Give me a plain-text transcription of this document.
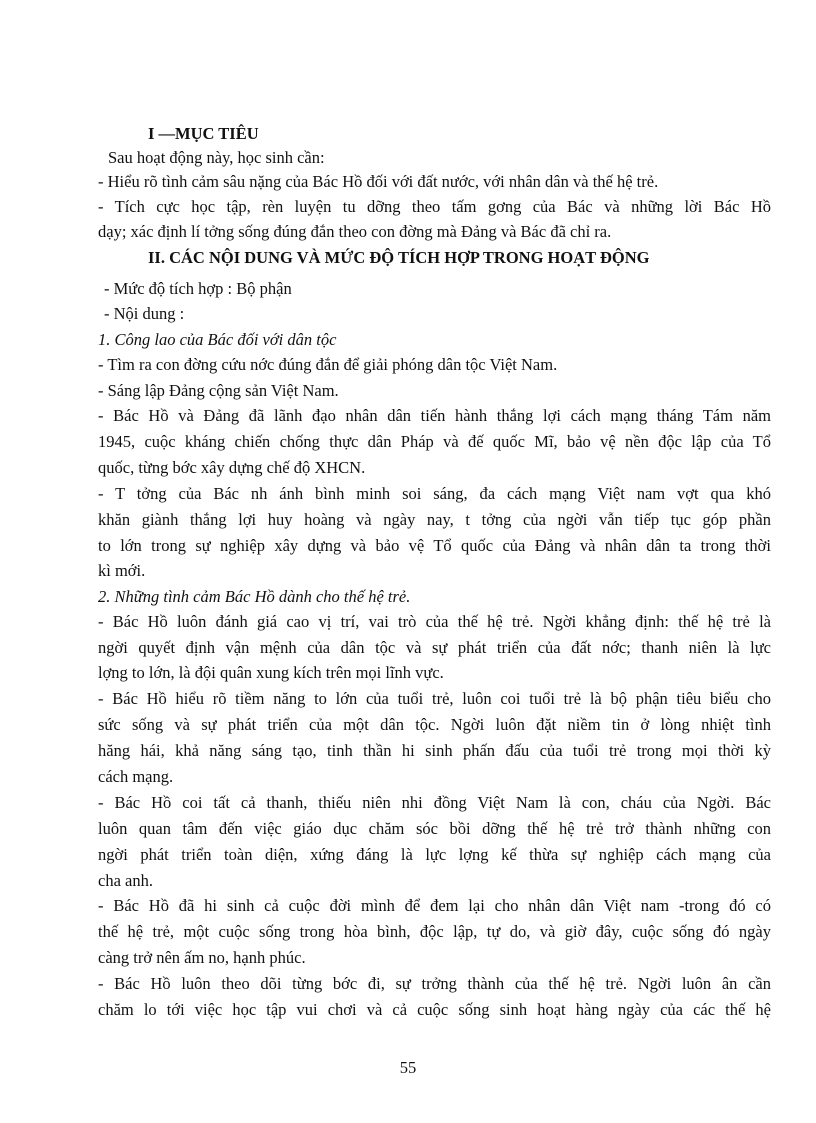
I —MỤC TIÊU
Sau hoạt động này, học sinh cần:
- Hiểu rõ tình cảm sâu nặng của Bác Hồ đối với đất nước, với nhân dân và thế hệ trẻ.
- Tích cực học tập, rèn luyện tu dỡng theo tấm gơng của Bác và những lời Bác Hồ
dạy; xác định lí tởng sống đúng đắn theo con đờng mà Đảng và Bác đã chỉ ra.
II. CÁC NỘI DUNG VÀ MỨC ĐỘ TÍCH HỢP TRONG HOẠT ĐỘNG
- Mức độ tích hợp : Bộ phận
- Nội dung :
1. Công lao của Bác đối với dân tộc
- Tìm ra con đờng cứu nớc đúng đắn để giải phóng dân tộc Việt Nam.
- Sáng lập Đảng cộng sản Việt Nam.
- Bác Hồ và Đảng đã lãnh đạo nhân dân tiến hành thắng lợi cách mạng tháng Tám năm
1945, cuộc kháng chiến chống thực dân Pháp và đế quốc Mĩ, bảo vệ nền độc lập của Tổ
quốc, từng bớc xây dựng chế độ XHCN.
- T tởng của Bác nh ánh bình minh soi sáng, đa cách mạng Việt nam vợt qua khó
khăn giành thắng lợi huy hoàng và ngày nay, t tởng của ngời vẫn tiếp tục góp phần
to lớn trong sự nghiệp xây dựng và bảo vệ Tổ quốc của Đảng và nhân dân ta trong thời
kì mới.
2. Những tình cảm Bác Hồ dành cho thế hệ trẻ.
- Bác Hồ luôn đánh giá cao vị trí, vai trò của thế hệ trẻ. Ngời khẳng định: thế hệ trẻ là
ngời quyết định vận mệnh của dân tộc và sự phát triển của đất nớc; thanh niên là lực
lợng to lớn, là đội quân xung kích trên mọi lĩnh vực.
- Bác Hồ hiểu rõ tiềm năng to lớn của tuổi trẻ, luôn coi tuổi trẻ là bộ phận tiêu biểu cho
sức sống và sự phát triển của một dân tộc. Ngời luôn đặt niềm tin ở lòng nhiệt tình
hăng hái, khả năng sáng tạo, tinh thần hi sinh phấn đấu của tuổi trẻ trong mọi thời kỳ
cách mạng.
- Bác Hồ coi tất cả thanh, thiếu niên nhi đồng Việt Nam là con, cháu của Ngời. Bác
luôn quan tâm đến việc giáo dục chăm sóc bồi dỡng thế hệ trẻ trở thành những con
ngời phát triển toàn diện, xứng đáng là lực lợng kế thừa sự nghiệp cách mạng của
cha anh.
- Bác Hồ đã hi sinh cả cuộc đời mình để đem lại cho nhân dân Việt nam -trong đó có
thế hệ trẻ, một cuộc sống trong hòa bình, độc lập, tự do, và giờ đây, cuộc sống đó ngày
càng trở nên ấm no, hạnh phúc.
- Bác Hồ luôn theo dõi từng bớc đi, sự trởng thành của thế hệ trẻ. Ngời luôn ân cần
chăm lo tới việc học tập vui chơi và cả cuộc sống sinh hoạt hàng ngày của các thế hệ
55
